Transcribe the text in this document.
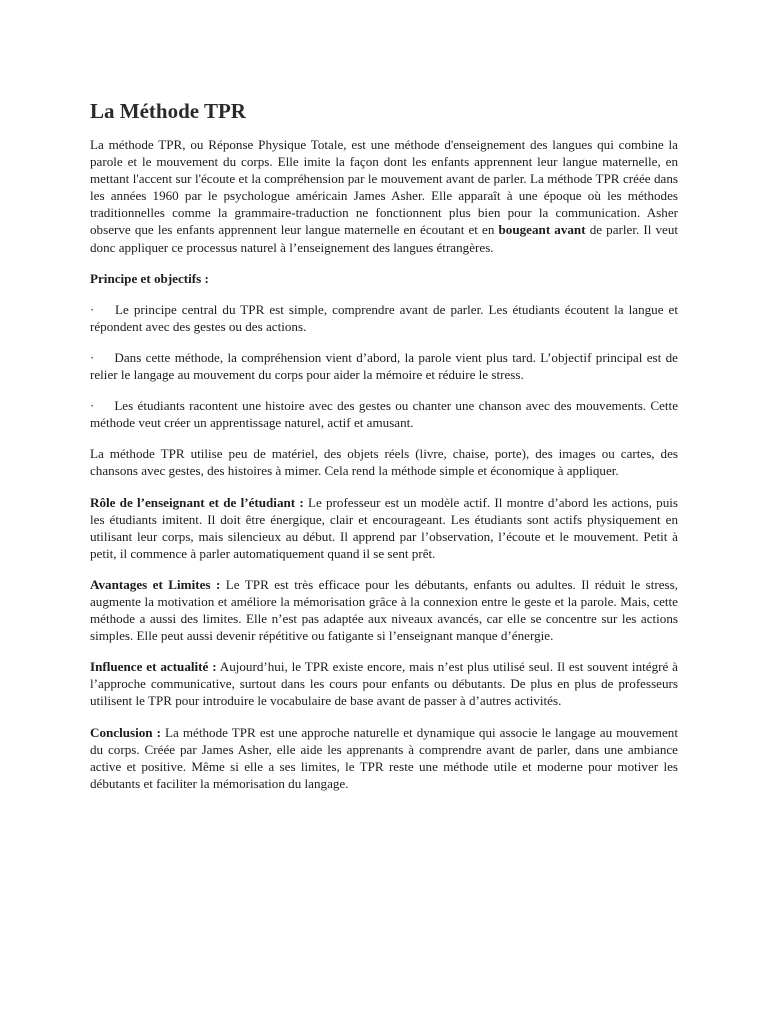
La Méthode TPR

La méthode TPR, ou Réponse Physique Totale, est une méthode d'enseignement des langues qui combine la parole et le mouvement du corps. Elle imite la façon dont les enfants apprennent leur langue maternelle, en mettant l'accent sur l'écoute et la compréhension par le mouvement avant de parler. La méthode TPR créée dans les années 1960 par le psychologue américain James Asher. Elle apparaît à une époque où les méthodes traditionnelles comme la grammaire-traduction ne fonctionnent plus bien pour la communication. Asher observe que les enfants apprennent leur langue maternelle en écoutant et en bougeant avant de parler. Il veut donc appliquer ce processus naturel à l’enseignement des langues étrangères.

Principe et objectifs :

· Le principe central du TPR est simple, comprendre avant de parler. Les étudiants écoutent la langue et répondent avec des gestes ou des actions.

· Dans cette méthode, la compréhension vient d’abord, la parole vient plus tard. L’objectif principal est de relier le langage au mouvement du corps pour aider la mémoire et réduire le stress.

· Les étudiants racontent une histoire avec des gestes ou chanter une chanson avec des mouvements. Cette méthode veut créer un apprentissage naturel, actif et amusant.

La méthode TPR utilise peu de matériel, des objets réels (livre, chaise, porte), des images ou cartes, des chansons avec gestes, des histoires à mimer. Cela rend la méthode simple et économique à appliquer.

Rôle de l’enseignant et de l’étudiant : Le professeur est un modèle actif. Il montre d’abord les actions, puis les étudiants imitent. Il doit être énergique, clair et encourageant. Les étudiants sont actifs physiquement en utilisant leur corps, mais silencieux au début. Il apprend par l’observation, l’écoute et le mouvement. Petit à petit, il commence à parler automatiquement quand il se sent prêt.

Avantages et Limites : Le TPR est très efficace pour les débutants, enfants ou adultes. Il réduit le stress, augmente la motivation et améliore la mémorisation grâce à la connexion entre le geste et la parole. Mais, cette méthode a aussi des limites. Elle n’est pas adaptée aux niveaux avancés, car elle se concentre sur les actions simples. Elle peut aussi devenir répétitive ou fatigante si l’enseignant manque d’énergie.

Influence et actualité : Aujourd’hui, le TPR existe encore, mais n’est plus utilisé seul. Il est souvent intégré à l’approche communicative, surtout dans les cours pour enfants ou débutants. De plus en plus de professeurs utilisent le TPR pour introduire le vocabulaire de base avant de passer à d’autres activités.

Conclusion : La méthode TPR est une approche naturelle et dynamique qui associe le langage au mouvement du corps. Créée par James Asher, elle aide les apprenants à comprendre avant de parler, dans une ambiance active et positive. Même si elle a ses limites, le TPR reste une méthode utile et moderne pour motiver les débutants et faciliter la mémorisation du langage.
